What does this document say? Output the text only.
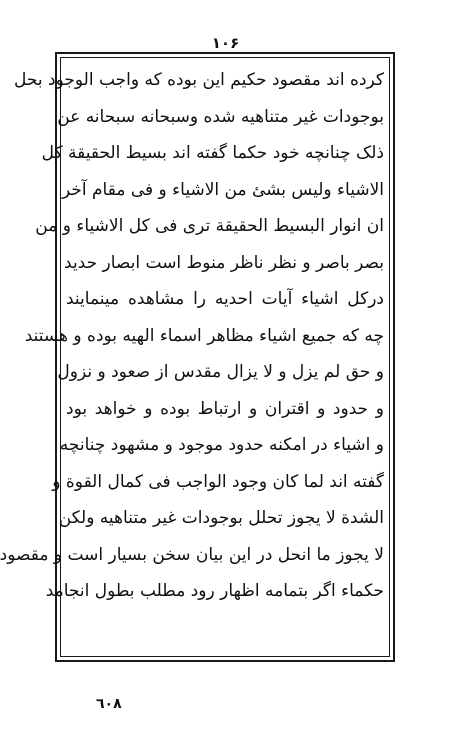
١٠۶
کرده اند مقصود حکیم این بوده که واجب الوجود بحل
بوجودات غیر متناهیه شده وسبحانه سبحانه عن
ذلک چنانچه خود حکما گفته اند بسیط الحقیقة کل
الاشیاء ولیس بشئ من الاشیاء و فی مقام آخر
ان انوار البسیط الحقیقة تری فی کل الاشیاء و من
بصر باصر و نظر ناظر منوط است ابصار حدید
درکل اشیاء آیات احدیه را مشاهده مینمایند
چه که جمیع اشیاء مظاهر اسماء الهیه بوده و هستند
و حق لم یزل و لا یزال مقدس از صعود و نزول
و حدود و اقتران و ارتباط بوده و خواهد بود
و اشیاء در امکنه حدود موجود و مشهود چنانچه
گفته اند لما کان وجود الواجب فی کمال القوة و
الشدة لا یجوز تحلل بوجودات غیر متناهیه ولکن
لا یجوز ما انحل در این بیان سخن بسیار است و مقصود
حکماء اگر بتمامه اظهار رود مطلب بطول انجامد
٦٠٨
